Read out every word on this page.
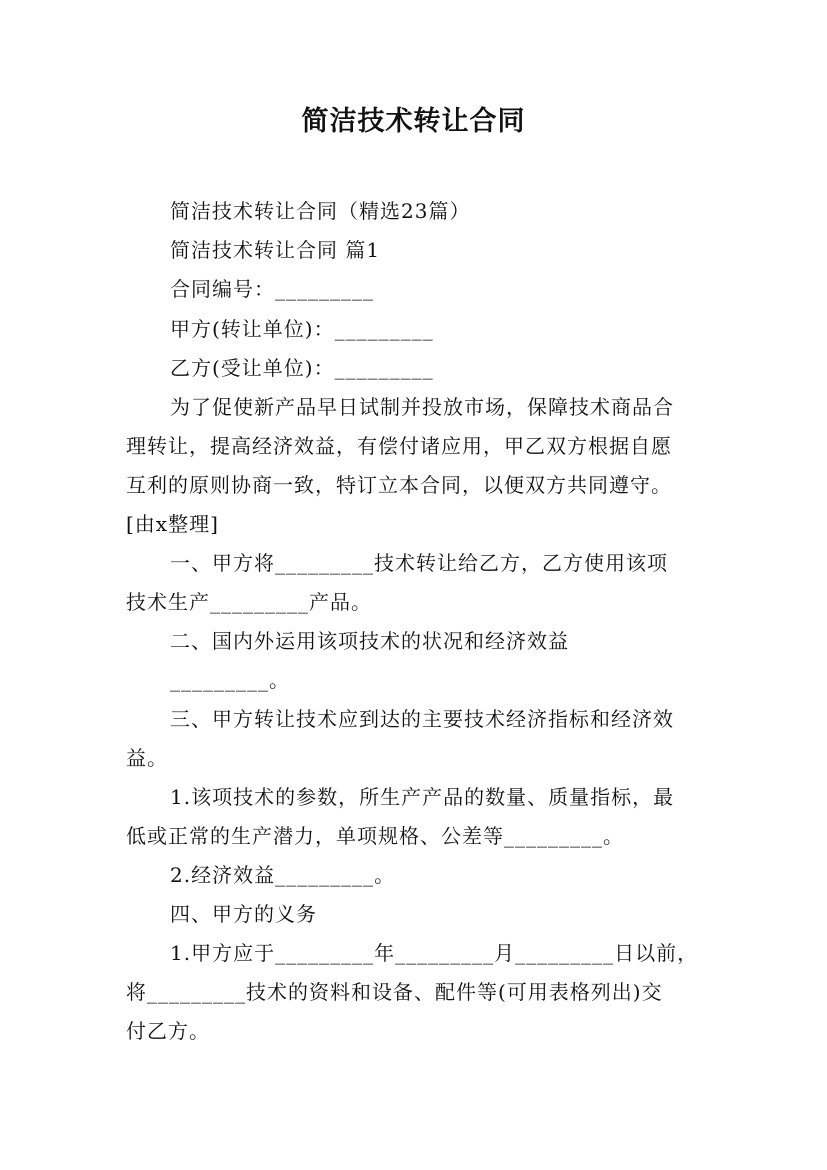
简洁技术转让合同
简洁技术转让合同（精选23篇）
简洁技术转让合同 篇1
合同编号：_________
甲方(转让单位)：_________
乙方(受让单位)：_________
为了促使新产品早日试制并投放市场，保障技术商品合
理转让，提高经济效益，有偿付诸应用，甲乙双方根据自愿
互利的原则协商一致，特订立本合同，以便双方共同遵守。
[由x整理]
一、甲方将_________技术转让给乙方，乙方使用该项
技术生产_________产品。
二、国内外运用该项技术的状况和经济效益
_________。
三、甲方转让技术应到达的主要技术经济指标和经济效
益。
1.该项技术的参数，所生产产品的数量、质量指标，最
低或正常的生产潜力，单项规格、公差等_________。
2.经济效益_________。
四、甲方的义务
1.甲方应于_________年_________月_________日以前，
将_________技术的资料和设备、配件等(可用表格列出)交
付乙方。
